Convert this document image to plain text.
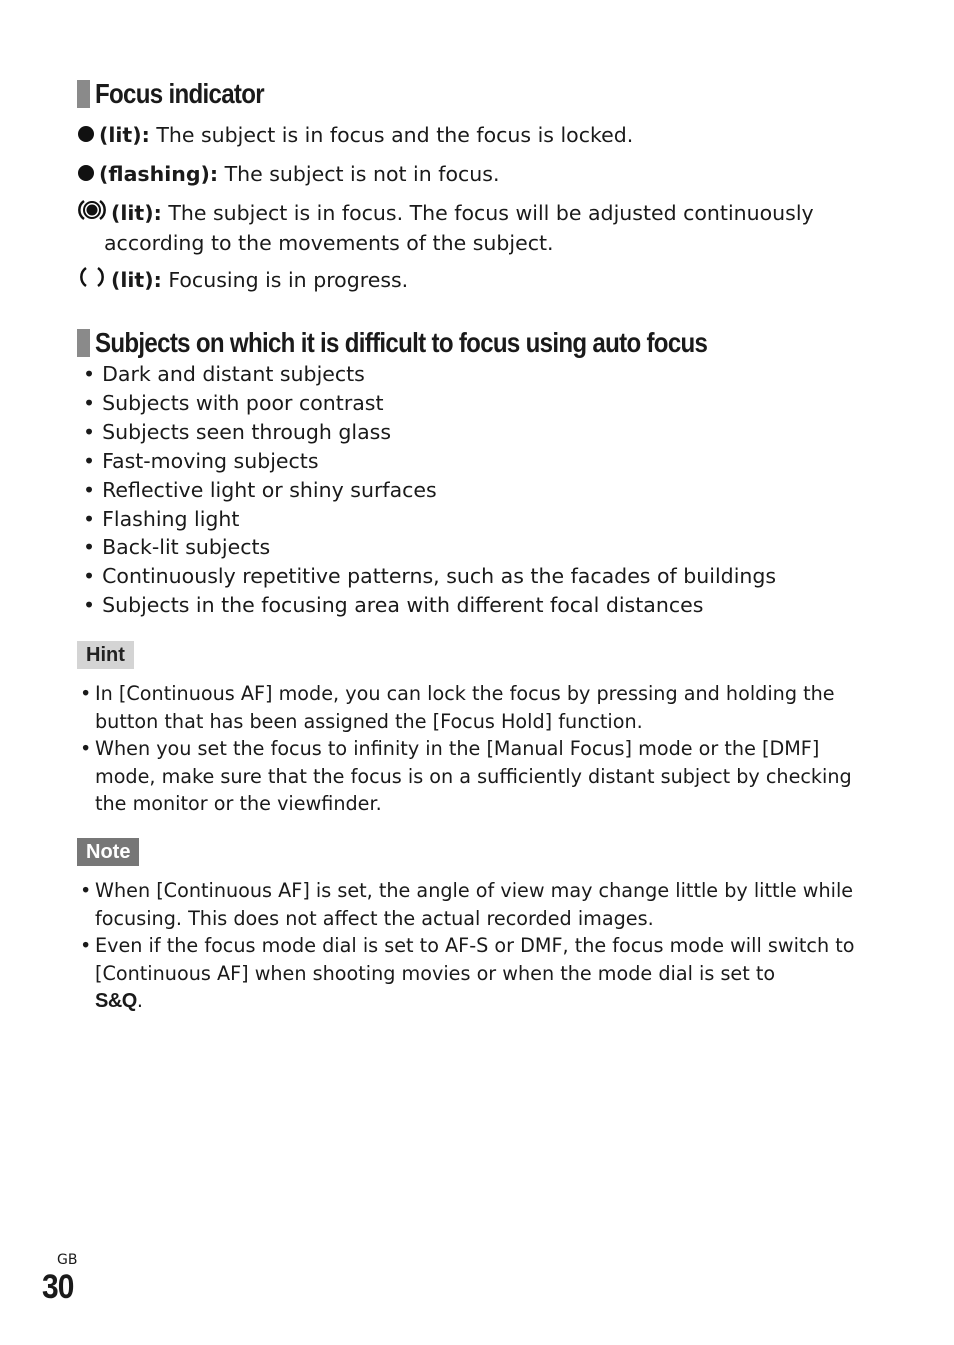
Focus indicator
(lit): The subject is in focus and the focus is locked.
(flashing): The subject is not in focus.
(lit): The subject is in focus. The focus will be adjusted continuously
according to the movements of the subject.
(lit): Focusing is in progress.
Subjects on which it is difficult to focus using auto focus
• Dark and distant subjects
• Subjects with poor contrast
• Subjects seen through glass
• Fast-moving subjects
• Reflective light or shiny surfaces
• Flashing light
• Back-lit subjects
• Continuously repetitive patterns, such as the facades of buildings
• Subjects in the focusing area with different focal distances
Hint
• In [Continuous AF] mode, you can lock the focus by pressing and holding the button that has been assigned the [Focus Hold] function.
• When you set the focus to infinity in the [Manual Focus] mode or the [DMF] mode, make sure that the focus is on a sufficiently distant subject by checking the monitor or the viewfinder.
Note
• When [Continuous AF] is set, the angle of view may change little by little while focusing. This does not affect the actual recorded images.
• Even if the focus mode dial is set to AF-S or DMF, the focus mode will switch to [Continuous AF] when shooting movies or when the mode dial is set to
S&Q.
GB
30
